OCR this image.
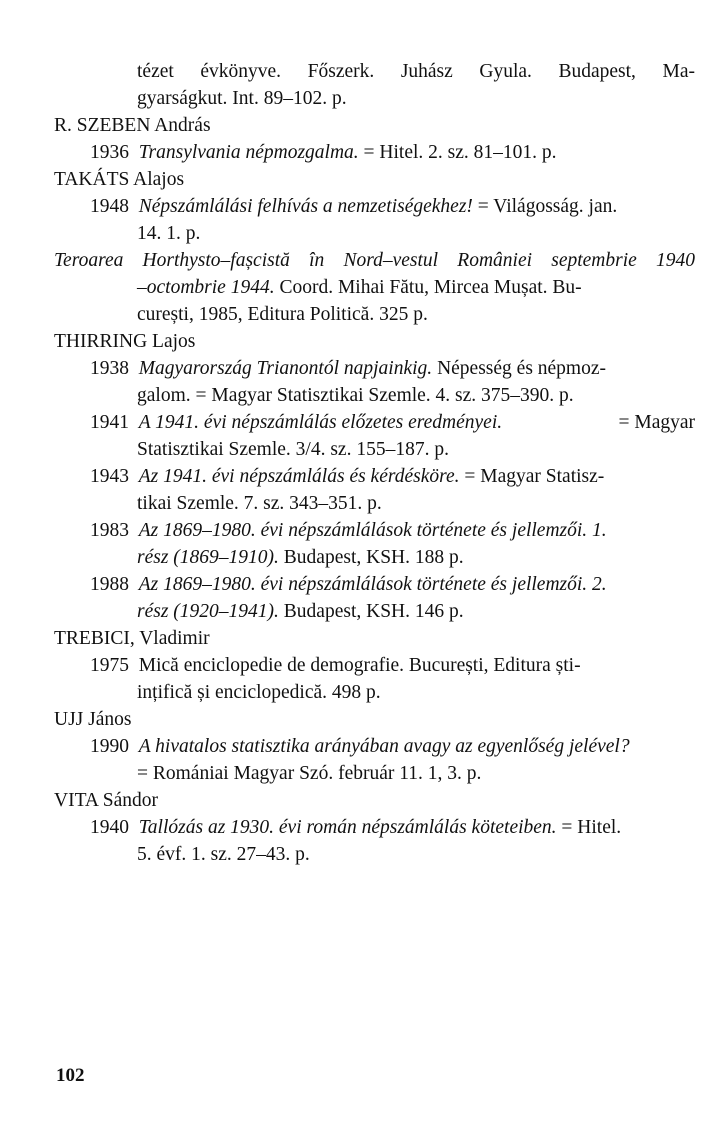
tézet évkönyve. Főszerk. Juhász Gyula. Budapest, Ma-
gyarságkut. Int. 89–102. p.
R. SZEBEN András
1936 Transylvania népmozgalma. = Hitel. 2. sz. 81–101. p.
TAKÁTS Alajos
1948 Népszámlálási felhívás a nemzetiségekhez! = Világosság. jan.
14. 1. p.
Teroarea Horthysto–fașcistă în Nord–vestul României septembrie 1940
–octombrie 1944. Coord. Mihai Fătu, Mircea Mușat. Bu-
curești, 1985, Editura Politică. 325 p.
THIRRING Lajos
1938 Magyarország Trianontól napjainkig. Népesség és népmoz-
galom. = Magyar Statisztikai Szemle. 4. sz. 375–390. p.
1941 A 1941. évi népszámlálás előzetes eredményei.	= Magyar
Statisztikai Szemle. 3/4. sz. 155–187. p.
1943 Az 1941. évi népszámlálás és kérdésköre. = Magyar Statisz-
tikai Szemle. 7. sz. 343–351. p.
1983 Az 1869–1980. évi népszámlálások története és jellemzői. 1.
rész (1869–1910). Budapest, KSH. 188 p.
1988 Az 1869–1980. évi népszámlálások története és jellemzői. 2.
rész (1920–1941). Budapest, KSH. 146 p.
TREBICI, Vladimir
1975 Mică enciclopedie de demografie. București, Editura ști-
ințifică și enciclopedică. 498 p.
UJJ János
1990 A hivatalos statisztika arányában avagy az egyenlőség jelével?
= Romániai Magyar Szó. február 11. 1, 3. p.
VITA Sándor
1940 Tallózás az 1930. évi román népszámlálás köteteiben. = Hitel.
5. évf. 1. sz. 27–43. p.
102
